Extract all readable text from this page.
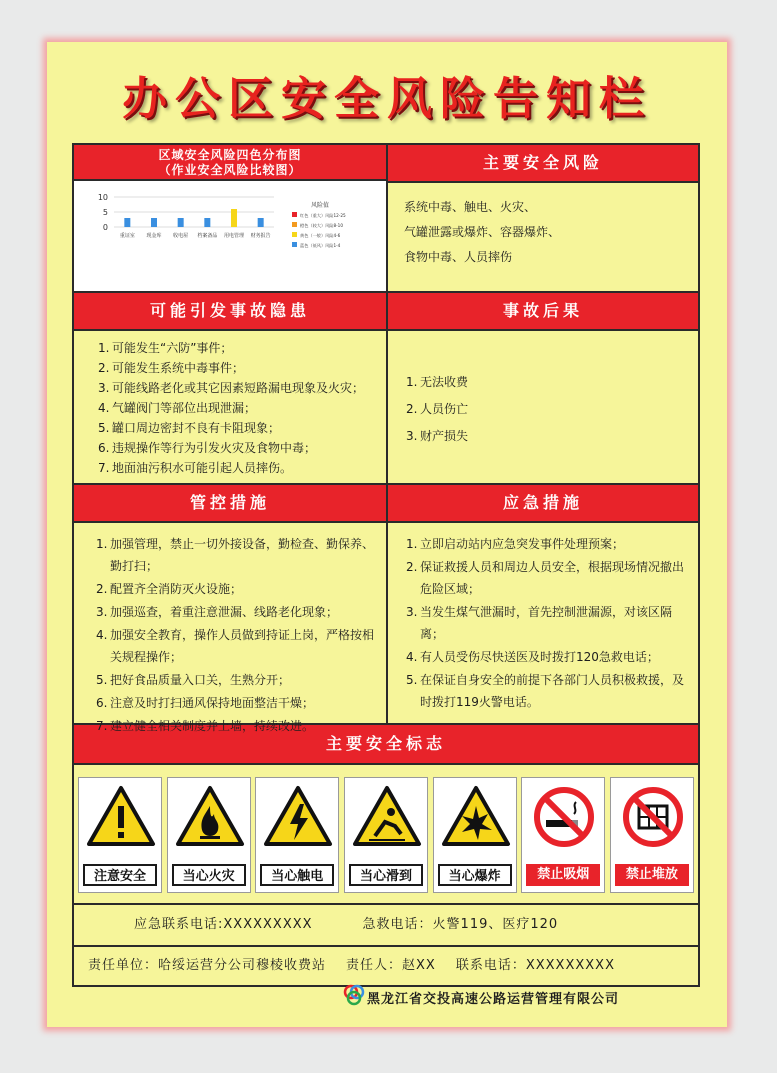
办公区安全风险告知栏
区域安全风险四色分布图
（作业安全风险比较图）
0
5
10
重证室 现金库 收电屋 档案备品 用电管理 财务报告
风险值
红色（重大）风险12-25
橙色（较大）风险8-10
黄色（一般）风险4-6
蓝色（低风）风险1-4
主要安全风险
系统中毒、触电、火灾、
气罐泄露或爆炸、容器爆炸、
食物中毒、人员摔伤
可能引发事故隐患
1. 可能发生“六防”事件；
2. 可能发生系统中毒事件；
3. 可能线路老化或其它因素短路漏电现象及火灾；
4. 气罐阀门等部位出现泄漏；
5. 罐口周边密封不良有卡阻现象；
6. 违规操作等行为引发火灾及食物中毒；
7. 地面油污积水可能引起人员摔伤。
事故后果
1. 无法收费
2. 人员伤亡
3. 财产损失
管控措施
1. 加强管理，禁止一切外接设备，勤检查、勤保养、勤打扫；
2. 配置齐全消防灭火设施；
3. 加强巡查，着重注意泄漏、线路老化现象；
4. 加强安全教育，操作人员做到持证上岗，严格按相关规程操作；
5. 把好食品质量入口关，生熟分开；
6. 注意及时打扫通风保持地面整洁干燥；
7. 建立健全相关制度并上墙，持续改进。
应急措施
1. 立即启动站内应急突发事件处理预案；
2. 保证救援人员和周边人员安全，根据现场情况撤出危险区域；
3. 当发生煤气泄漏时，首先控制泄漏源，对该区隔离；
4. 有人员受伤尽快送医及时拨打120急救电话；
5. 在保证自身安全的前提下各部门人员积极救援，及时拨打119火警电话。
主要安全标志
注意安全	当心火灾	当心触电	当心滑到	当心爆炸	禁止吸烟	禁止堆放
应急联系电话:XXXXXXXXX	急救电话：火警119、医疗120
责任单位：哈绥运营分公司穆棱收费站 责任人：赵XX 联系电话：XXXXXXXXX
黑龙江省交投高速公路运营管理有限公司
